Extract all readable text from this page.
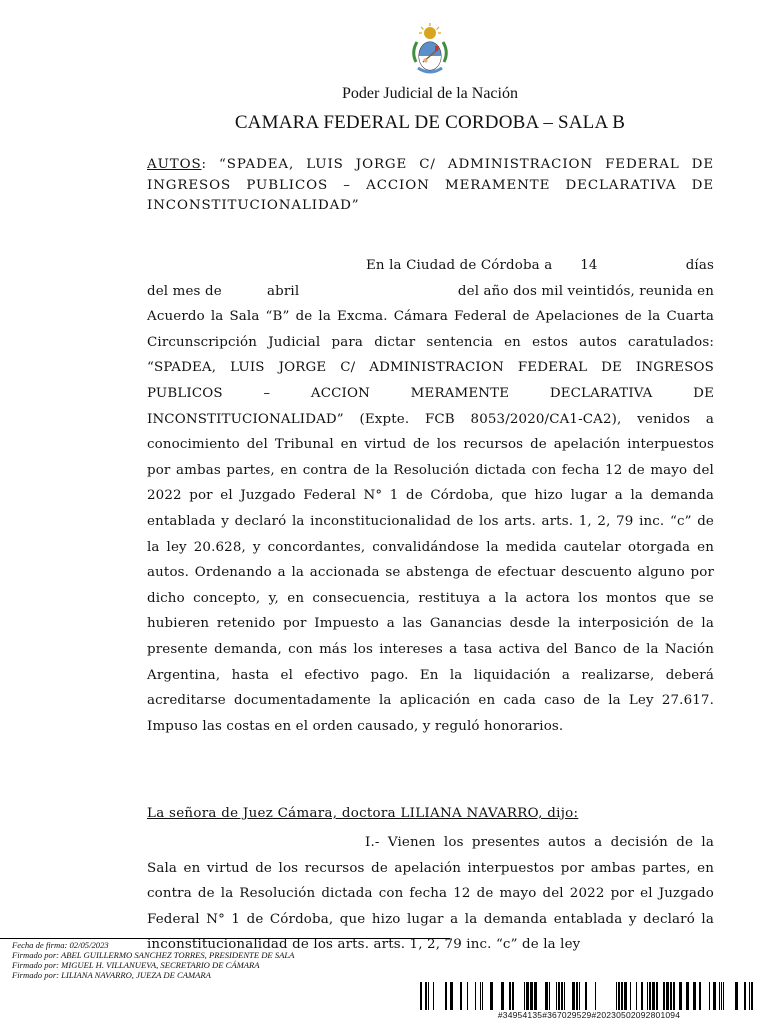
Poder Judicial de la Nación
CAMARA FEDERAL DE CORDOBA – SALA B
AUTOS: “SPADEA, LUIS JORGE C/ ADMINISTRACION FEDERAL DE INGRESOS PUBLICOS – ACCION MERAMENTE DECLARATIVA DE INCONSTITUCIONALIDAD”
En la Ciudad de Córdoba a	14	días
del mes de	abril	del año dos mil veintidós, reunida en
Acuerdo la Sala “B” de la Excma. Cámara Federal de Apelaciones de la Cuarta Circunscripción Judicial para dictar sentencia en estos autos caratulados: “SPADEA, LUIS JORGE C/ ADMINISTRACION FEDERAL DE INGRESOS PUBLICOS – ACCION MERAMENTE DECLARATIVA DE INCONSTITUCIONALIDAD” (Expte. FCB 8053/2020/CA1-CA2), venidos a conocimiento del Tribunal en virtud de los recursos de apelación interpuestos por ambas partes, en contra de la Resolución dictada con fecha 12 de mayo del 2022 por el Juzgado Federal N° 1 de Córdoba, que hizo lugar a la demanda entablada y declaró la inconstitucionalidad de los arts. arts. 1, 2, 79 inc. “c” de la ley 20.628, y concordantes, convalidándose la medida cautelar otorgada en autos. Ordenando a la accionada se abstenga de efectuar descuento alguno por dicho concepto, y, en consecuencia, restituya a la actora los montos que se hubieren retenido por Impuesto a las Ganancias desde la interposición de la presente demanda, con más los intereses a tasa activa del Banco de la Nación Argentina, hasta el efectivo pago. En la liquidación a realizarse, deberá acreditarse documentadamente la aplicación en cada caso de la Ley 27.617. Impuso las costas en el orden causado, y reguló honorarios.
La señora de Juez Cámara, doctora LILIANA NAVARRO, dijo:
I.- Vienen los presentes autos a decisión de la Sala en virtud de los recursos de apelación interpuestos por ambas partes, en contra de la Resolución dictada con fecha 12 de mayo del 2022 por el Juzgado Federal N° 1 de Córdoba, que hizo lugar a la demanda entablada y declaró la inconstitucionalidad de los arts. arts. 1, 2, 79 inc. “c” de la ley
Fecha de firma: 02/05/2023
Firmado por: ABEL GUILLERMO SANCHEZ TORRES, PRESIDENTE DE SALA
Firmado por: MIGUEL H. VILLANUEVA, SECRETARIO DE CÁMARA
Firmado por: LILIANA NAVARRO, JUEZA DE CAMARA
#34954135#367029529#20230502092801094
